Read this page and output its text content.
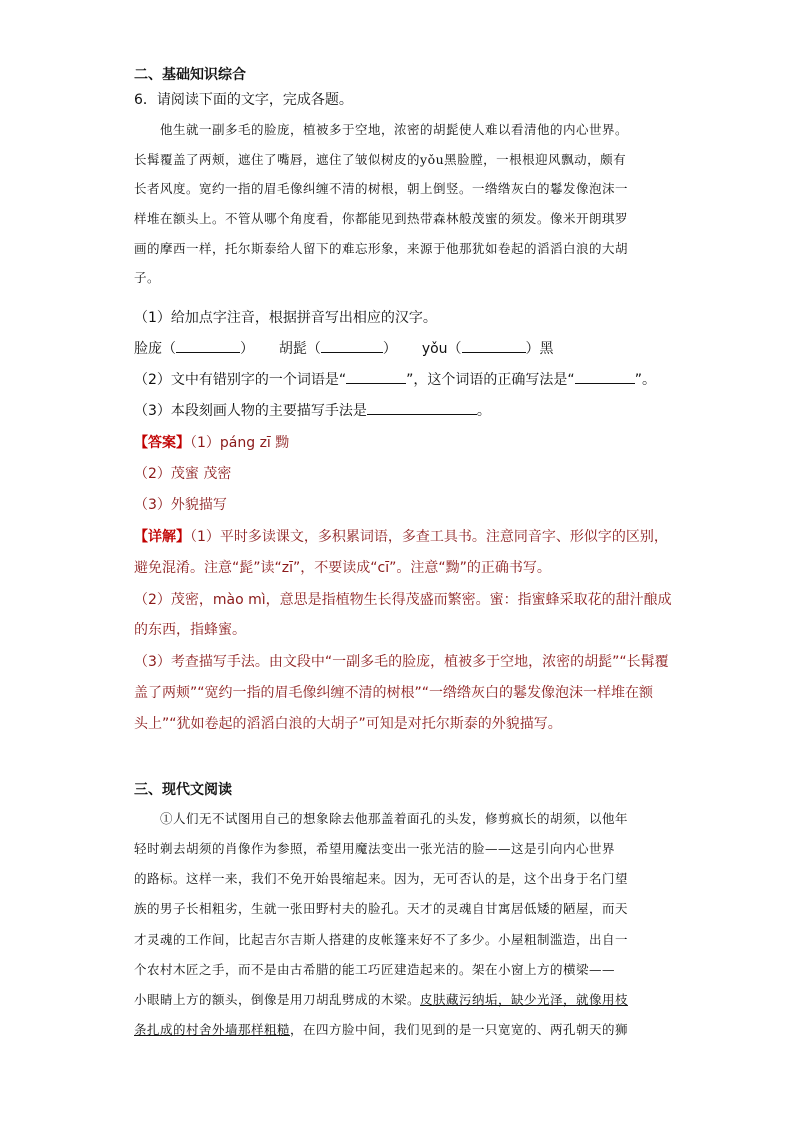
二、基础知识综合
6．请阅读下面的文字，完成各题。
他生就一副多毛的脸庞，植被多于空地，浓密的胡髭使人难以看清他的内心世界。
长髯覆盖了两颊，遮住了嘴唇，遮住了皱似树皮的yǒu黑脸膛，一根根迎风飘动，颇有
长者风度。宽约一指的眉毛像纠缠不清的树根，朝上倒竖。一绺绺灰白的鬈发像泡沫一
样堆在额头上。不管从哪个角度看，你都能见到热带森林般茂蜜的须发。像米开朗琪罗
画的摩西一样，托尔斯泰给人留下的难忘形象，来源于他那犹如卷起的滔滔白浪的大胡
子。
（1）给加点字注音，根据拼音写出相应的汉字。
脸庞（	） 胡髭（	） yǒu（	）黑
（2）文中有错别字的一个词语是“	”，这个词语的正确写法是“	”。
（3）本段刻画人物的主要描写手法是	。
【答案】（1）páng zī 黝
（2）茂蜜 茂密
（3）外貌描写
【详解】（1）平时多读课文，多积累词语，多查工具书。注意同音字、形似字的区别，
避免混淆。注意“髭”读“zī”，不要读成“cī”。注意“黝”的正确书写。
（2）茂密，mào mì，意思是指植物生长得茂盛而繁密。蜜：指蜜蜂采取花的甜汁酿成
的东西，指蜂蜜。
（3）考查描写手法。由文段中“一副多毛的脸庞，植被多于空地，浓密的胡髭”“长髯覆
盖了两颊”“宽约一指的眉毛像纠缠不清的树根”“一绺绺灰白的鬈发像泡沫一样堆在额
头上”“犹如卷起的滔滔白浪的大胡子”可知是对托尔斯泰的外貌描写。
三、现代文阅读
①人们无不试图用自己的想象除去他那盖着面孔的头发，修剪疯长的胡须，以他年
轻时剃去胡须的肖像作为参照，希望用魔法变出一张光洁的脸——这是引向内心世界
的路标。这样一来，我们不免开始畏缩起来。因为，无可否认的是，这个出身于名门望
族的男子长相粗劣，生就一张田野村夫的脸孔。天才的灵魂自甘寓居低矮的陋屋，而天
才灵魂的工作间，比起吉尔吉斯人搭建的皮帐篷来好不了多少。小屋粗制滥造，出自一
个农村木匠之手，而不是由古希腊的能工巧匠建造起来的。架在小窗上方的横梁——
小眼睛上方的额头，倒像是用刀胡乱劈成的木梁。皮肤藏污纳垢，缺少光泽，就像用枝
条扎成的村舍外墙那样粗糙，在四方脸中间，我们见到的是一只宽宽的、两孔朝天的狮
